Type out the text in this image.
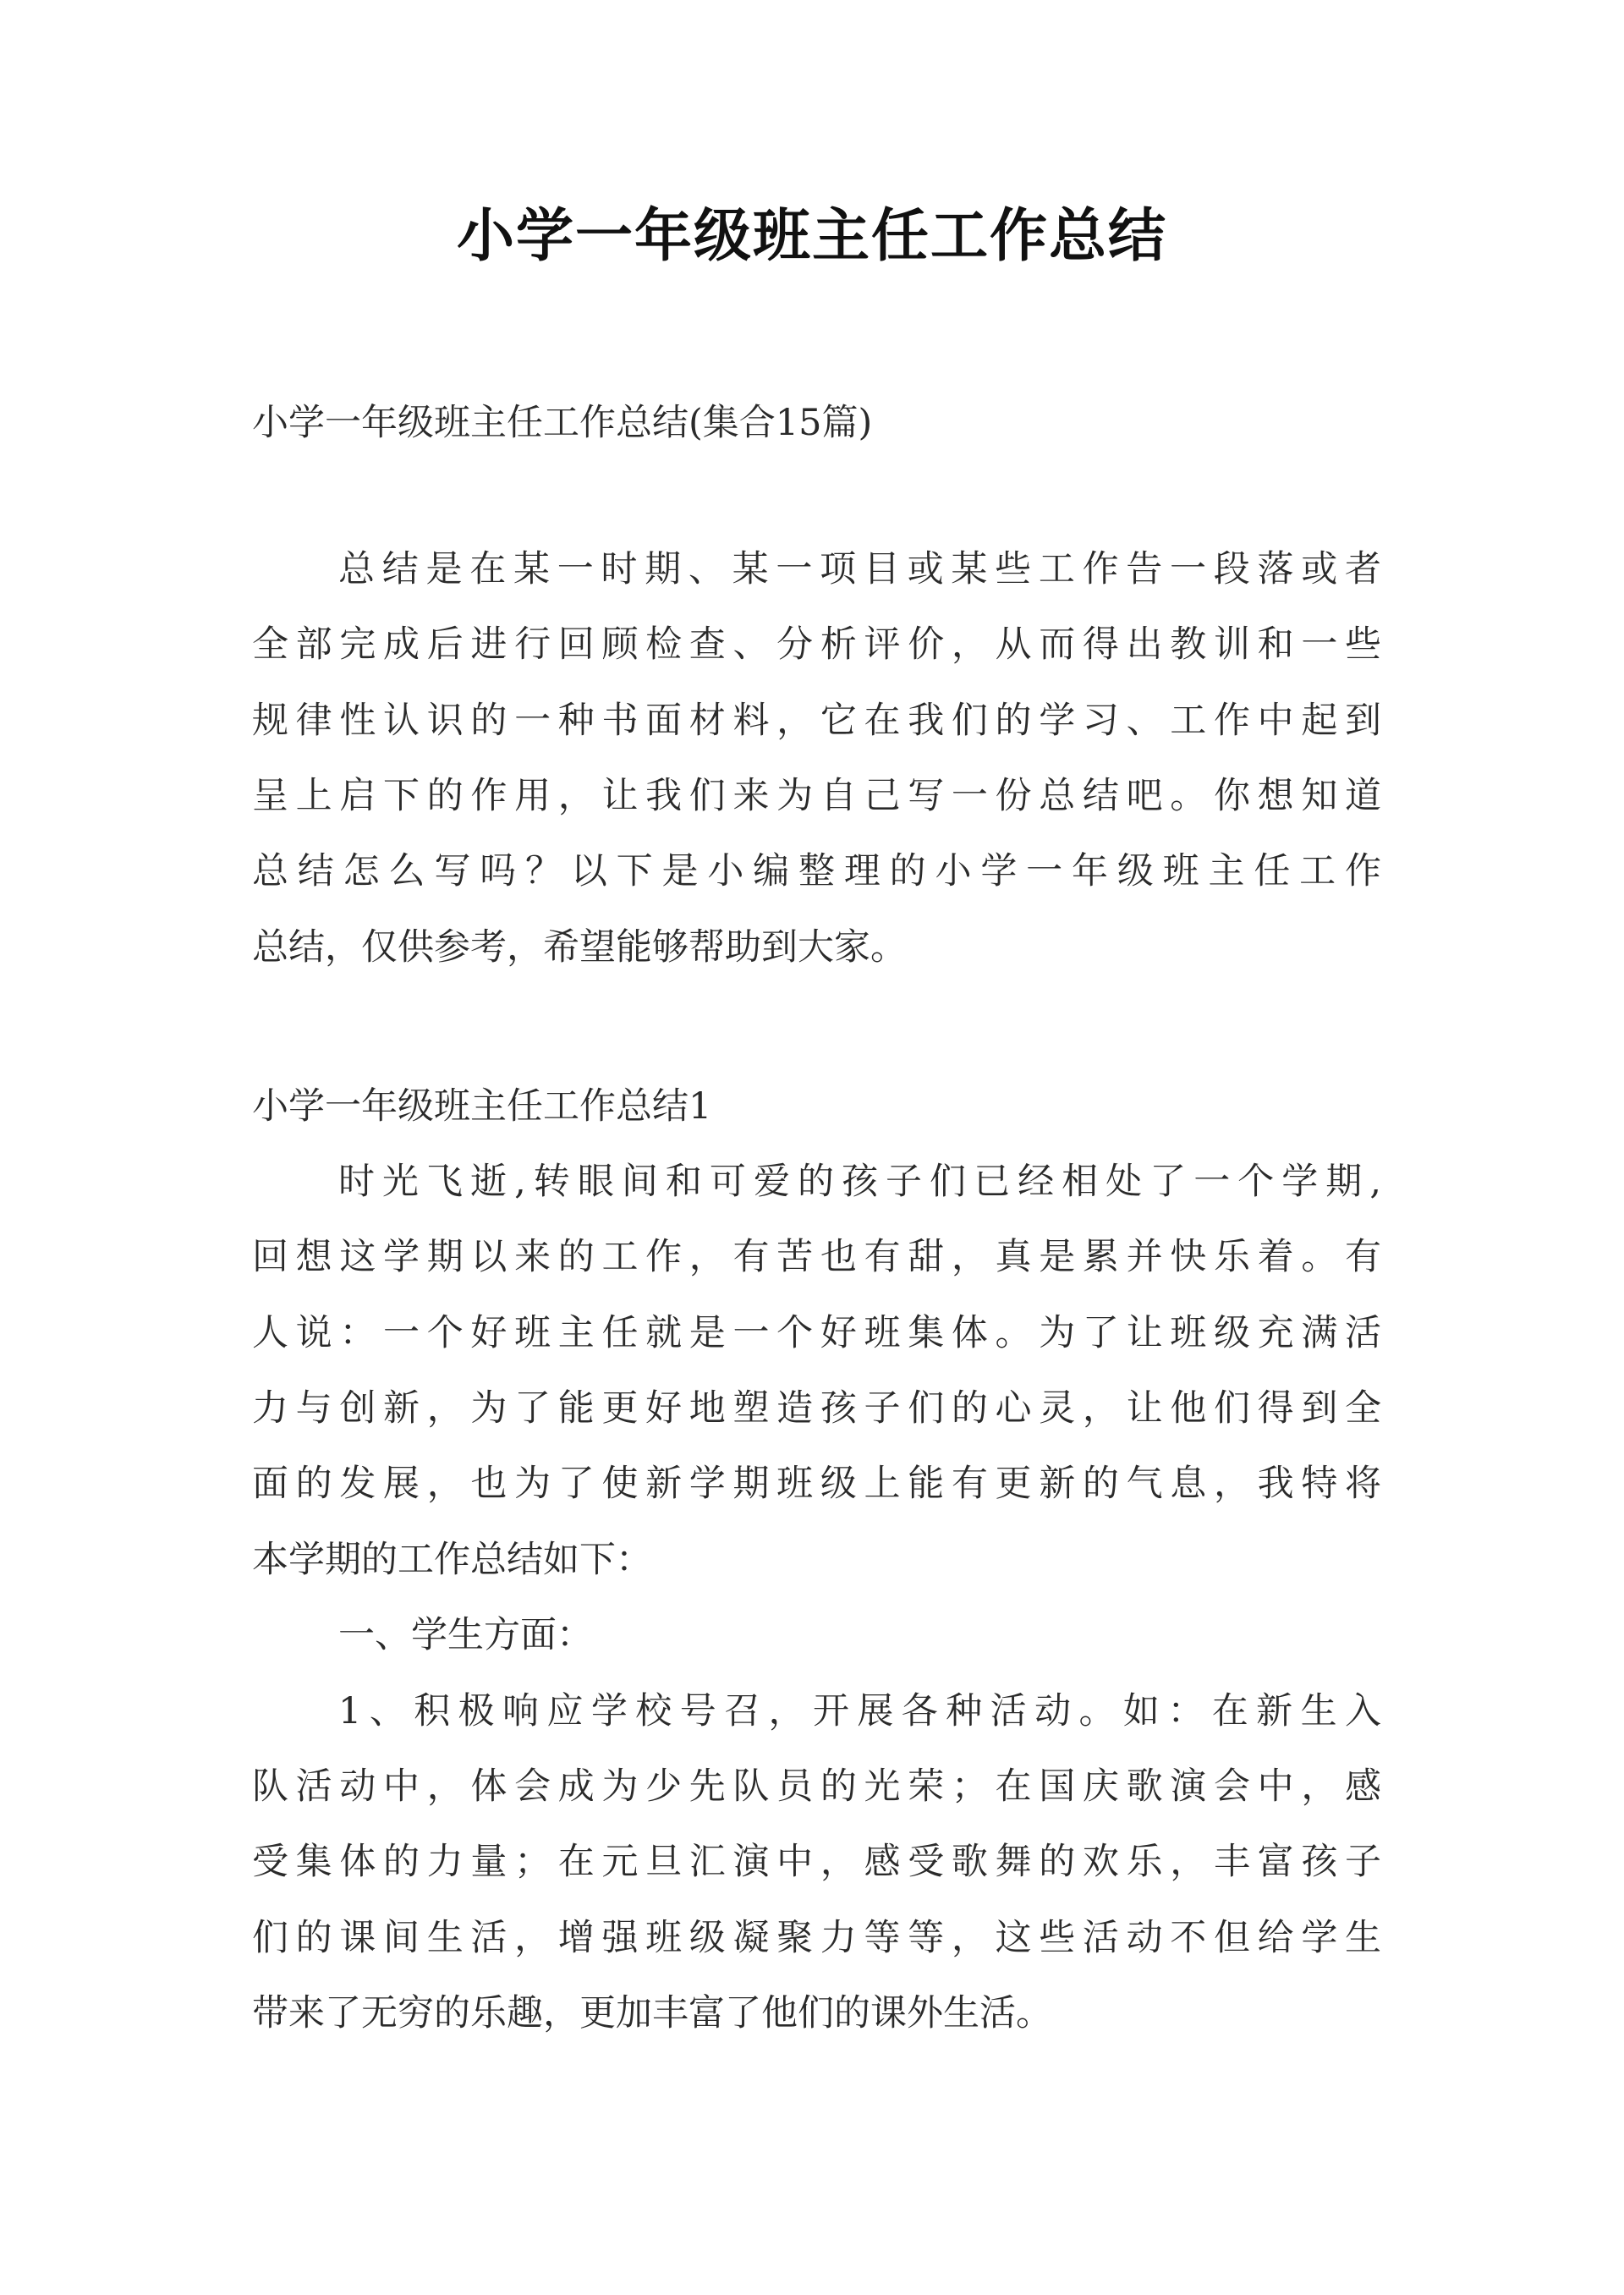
小学一年级班主任工作总结
小学一年级班主任工作总结(集合15篇)
总结是在某一时期、某一项目或某些工作告一段落或者
全部完成后进行回顾检查、分析评价，从而得出教训和一些
规律性认识的一种书面材料，它在我们的学习、工作中起到
呈上启下的作用，让我们来为自己写一份总结吧。你想知道
总结怎么写吗？以下是小编整理的小学一年级班主任工作
总结，仅供参考，希望能够帮助到大家。
小学一年级班主任工作总结1
时光飞逝,转眼间和可爱的孩子们已经相处了一个学期,
回想这学期以来的工作，有苦也有甜，真是累并快乐着。有
人说：一个好班主任就是一个好班集体。为了让班级充满活
力与创新，为了能更好地塑造孩子们的心灵，让他们得到全
面的发展，也为了使新学期班级上能有更新的气息，我特将
本学期的工作总结如下：
一、学生方面：
1、积极响应学校号召，开展各种活动。如：在新生入
队活动中，体会成为少先队员的光荣；在国庆歌演会中，感
受集体的力量；在元旦汇演中，感受歌舞的欢乐，丰富孩子
们的课间生活，增强班级凝聚力等等，这些活动不但给学生
带来了无穷的乐趣，更加丰富了他们的课外生活。
